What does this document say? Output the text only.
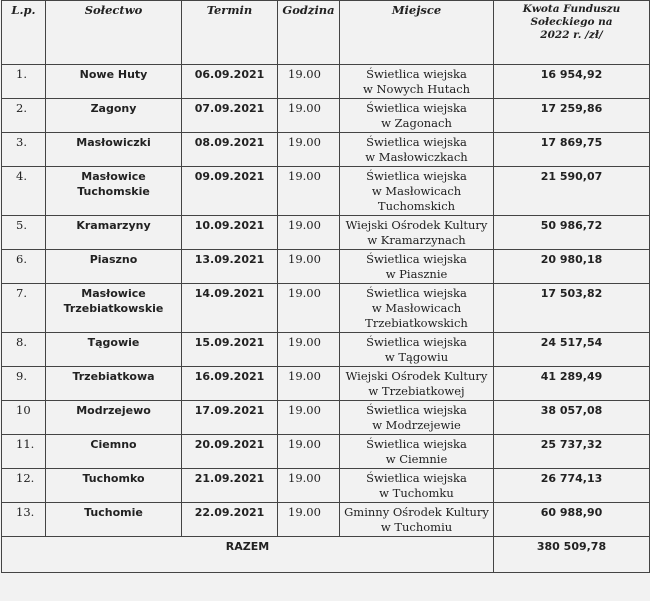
L.p.	Sołectwo	Termin	Godzina	Miejsce	Kwota Funduszu
Sołeckiego na
2022 r. /zł/

1.	Nowe Huty	06.09.2021	19.00	Świetlica wiejska
w Nowych Hutach	16 954,92
2.	Zagony	07.09.2021	19.00	Świetlica wiejska
w Zagonach	17 259,86
3.	Masłowiczki	08.09.2021	19.00	Świetlica wiejska
w Masłowiczkach	17 869,75
4.	Masłowice
Tuchomskie	09.09.2021	19.00	Świetlica wiejska
w Masłowicach
Tuchomskich	21 590,07
5.	Kramarzyny	10.09.2021	19.00	Wiejski Ośrodek Kultury
w Kramarzynach	50 986,72
6.	Piaszno	13.09.2021	19.00	Świetlica wiejska
w Piasznie	20 980,18
7.	Masłowice
Trzebiatkowskie	14.09.2021	19.00	Świetlica wiejska
w Masłowicach
Trzebiatkowskich	17 503,82
8.	Tągowie	15.09.2021	19.00	Świetlica wiejska
w Tągowiu	24 517,54
9.	Trzebiatkowa	16.09.2021	19.00	Wiejski Ośrodek Kultury
w Trzebiatkowej	41 289,49
10	Modrzejewo	17.09.2021	19.00	Świetlica wiejska
w Modrzejewie	38 057,08
11.	Ciemno	20.09.2021	19.00	Świetlica wiejska
w Ciemnie	25 737,32
12.	Tuchomko	21.09.2021	19.00	Świetlica wiejska
w Tuchomku	26 774,13
13.	Tuchomie	22.09.2021	19.00	Gminny Ośrodek Kultury
w Tuchomiu	60 988,90
RAZEM					380 509,78
